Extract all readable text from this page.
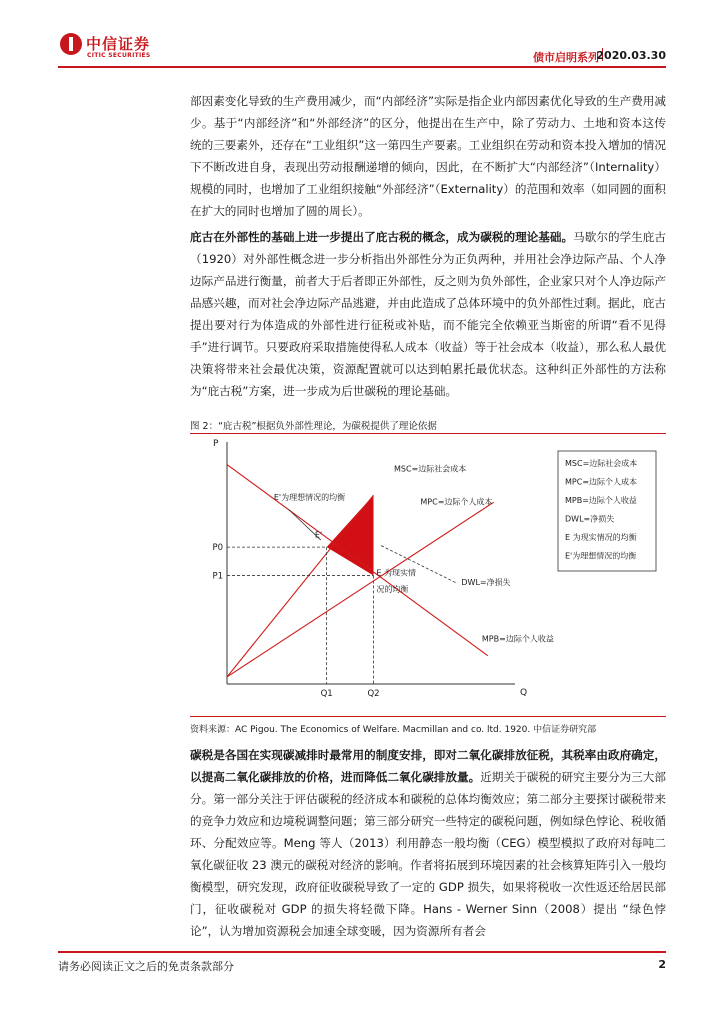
中信证券
CITIC SECURITIES	债市启明系列
2020.03.30

部因素变化导致的生产费用减少，而“内部经济”实际是指企业内部因素优化导致的生产费用减少。基于“内部经济”和“外部经济”的区分，他提出在生产中，除了劳动力、土地和资本这传统的三要素外，还存在“工业组织”这一第四生产要素。工业组织在劳动和资本投入增加的情况下不断改进自身，表现出劳动报酬递增的倾向，因此，在不断扩大“内部经济”（Internality）规模的同时，也增加了工业组织接触“外部经济”（Externality）的范围和效率（如同圆的面积在扩大的同时也增加了圆的周长）。

庇古在外部性的基础上进一步提出了庇古税的概念，成为碳税的理论基础。马歇尔的学生庇古（1920）对外部性概念进一步分析指出外部性分为正负两种，并用社会净边际产品、个人净边际产品进行衡量，前者大于后者即正外部性，反之则为负外部性，企业家只对个人净边际产品感兴趣，而对社会净边际产品逃避，并由此造成了总体环境中的负外部性过剩。据此，庇古提出要对行为体造成的外部性进行征税或补贴，而不能完全依赖亚当斯密的所谓“看不见得手”进行调节。只要政府采取措施使得私人成本（收益）等于社会成本（收益），那么私人最优决策将带来社会最优决策，资源配置就可以达到帕累托最优状态。这种纠正外部性的方法称为“庇古税”方案，进一步成为后世碳税的理论基础。

图 2：“庇古税”根据负外部性理论，为碳税提供了理论依据
P
Q
P0
P1
Q1	Q2
MSC=边际社会成本
MPC=边际个人成本
MPB=边际个人收益
E'为理想情况的均衡
E'
E 为现实情
况的均衡
DWL=净损失
MSC=边际社会成本
MPC=边际个人成本
MPB=边际个人收益
DWL=净损失
E 为现实情况的均衡
E'为理想情况的均衡
资料来源：AC Pigou. The Economics of Welfare. Macmillan and co. ltd. 1920. 中信证券研究部

碳税是各国在实现碳减排时最常用的制度安排，即对二氧化碳排放征税，其税率由政府确定，以提高二氧化碳排放的价格，进而降低二氧化碳排放量。近期关于碳税的研究主要分为三大部分。第一部分关注于评估碳税的经济成本和碳税的总体均衡效应；第二部分主要探讨碳税带来的竞争力效应和边境税调整问题；第三部分研究一些特定的碳税问题，例如绿色悖论、税收循环、分配效应等。Meng 等人（2013）利用静态一般均衡（CEG）模型模拟了政府对每吨二氧化碳征收 23 澳元的碳税对经济的影响。作者将拓展到环境因素的社会核算矩阵引入一般均衡模型，研究发现，政府征收碳税导致了一定的 GDP 损失，如果将税收一次性返还给居民部门，征收碳税对 GDP 的损失将轻微下降。Hans - Werner Sinn（2008）提出 “绿色悖论”，认为增加资源税会加速全球变暖，因为资源所有者会

请务必阅读正文之后的免责条款部分	2
